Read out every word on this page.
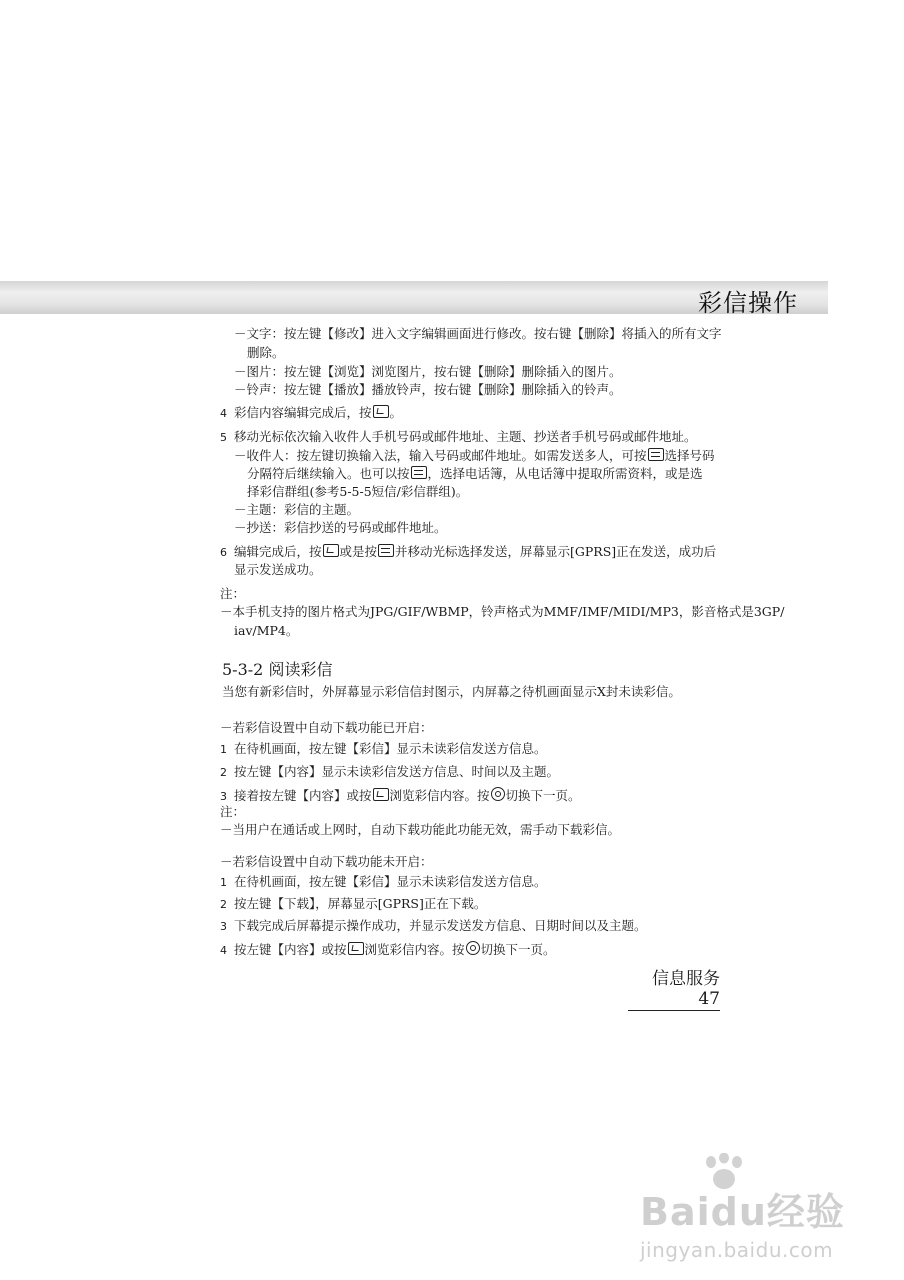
彩信操作
－文字：按左键【修改】进入文字编辑画面进行修改。按右键【删除】将插入的所有文字
删除。
－图片：按左键【浏览】浏览图片，按右键【删除】删除插入的图片。
－铃声：按左键【播放】播放铃声，按右键【删除】删除插入的铃声。
4 彩信内容编辑完成后，按 。
5 移动光标依次输入收件人手机号码或邮件地址、主题、抄送者手机号码或邮件地址。
－收件人：按左键切换输入法，输入号码或邮件地址。如需发送多人，可按 选择号码
分隔符后继续输入。也可以按 ，选择电话簿，从电话簿中提取所需资料，或是选
择彩信群组(参考5-5-5短信/彩信群组)。
－主题：彩信的主题。
－抄送：彩信抄送的号码或邮件地址。
6 编辑完成后，按 或是按 并移动光标选择发送，屏幕显示[GPRS]正在发送，成功后
显示发送成功。
注：
－本手机支持的图片格式为JPG/GIF/WBMP，铃声格式为MMF/IMF/MIDI/MP3，影音格式是3GP/
iav/MP4。
5-3-2 阅读彩信
当您有新彩信时，外屏幕显示彩信信封图示，内屏幕之待机画面显示X封未读彩信。
－若彩信设置中自动下载功能已开启：
1 在待机画面，按左键【彩信】显示未读彩信发送方信息。
2 按左键【内容】显示未读彩信发送方信息、时间以及主题。
3 接着按左键【内容】或按 浏览彩信内容。按 切换下一页。
注：
－当用户在通话或上网时，自动下载功能此功能无效，需手动下载彩信。
－若彩信设置中自动下载功能未开启：
1 在待机画面，按左键【彩信】显示未读彩信发送方信息。
2 按左键【下载】，屏幕显示[GPRS]正在下载。
3 下载完成后屏幕提示操作成功，并显示发送发方信息、日期时间以及主题。
4 按左键【内容】或按 浏览彩信内容。按 切换下一页。
信息服务 47
Baidu经验
jingyan.baidu.com
